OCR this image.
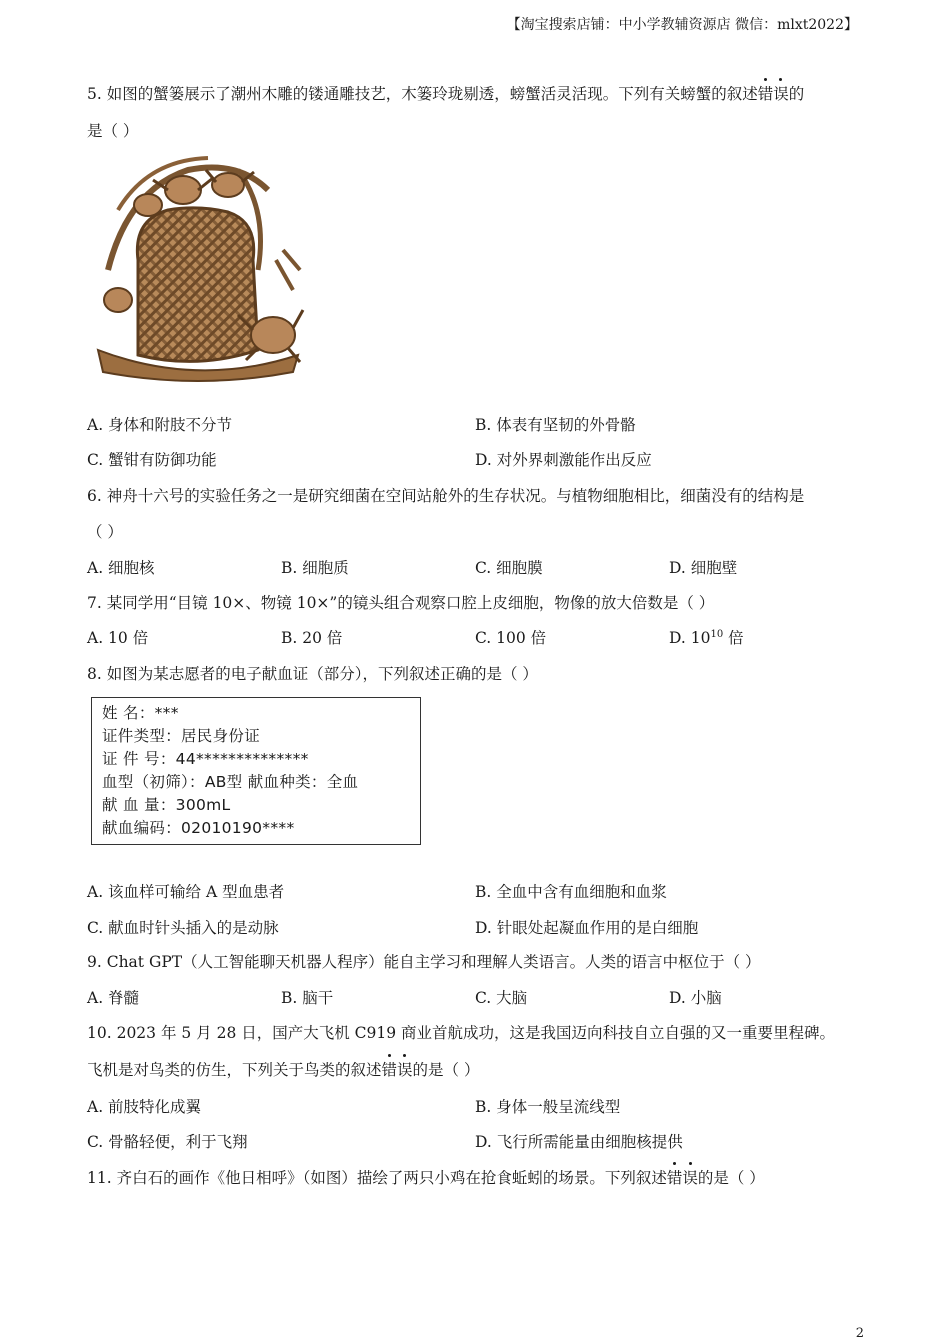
【淘宝搜索店铺：中小学教辅资源店 微信：mlxt2022】
5. 如图的蟹篓展示了潮州木雕的镂通雕技艺，木篓玲珑剔透，螃蟹活灵活现。下列有关螃蟹的叙述错误的
是（ ）
A. 身体和附肢不分节	B. 体表有坚韧的外骨骼
C. 蟹钳有防御功能	D. 对外界刺激能作出反应
6. 神舟十六号的实验任务之一是研究细菌在空间站舱外的生存状况。与植物细胞相比，细菌没有的结构是
（ ）
A. 细胞核	B. 细胞质	C. 细胞膜	D. 细胞壁
7. 某同学用“目镜 10×、物镜 10×”的镜头组合观察口腔上皮细胞，物像的放大倍数是（ ）
A. 10 倍	B. 20 倍	C. 100 倍	D. $10^{10}$ 倍
8. 如图为某志愿者的电子献血证（部分），下列叙述正确的是（ ）
姓 名：***
证件类型：居民身份证
证 件 号：44**************
血型（初筛）：AB型 献血种类：全血
献 血 量：300mL
献血编码：02010190****
A. 该血样可输给 A 型血患者	B. 全血中含有血细胞和血浆
C. 献血时针头插入的是动脉	D. 针眼处起凝血作用的是白细胞
9. Chat GPT（人工智能聊天机器人程序）能自主学习和理解人类语言。人类的语言中枢位于（ ）
A. 脊髓	B. 脑干	C. 大脑	D. 小脑
10. 2023 年 5 月 28 日，国产大飞机 C919 商业首航成功，这是我国迈向科技自立自强的又一重要里程碑。
飞机是对鸟类的仿生，下列关于鸟类的叙述错误的是（ ）
A. 前肢特化成翼	B. 身体一般呈流线型
C. 骨骼轻便，利于飞翔	D. 飞行所需能量由细胞核提供
11. 齐白石的画作《他日相呼》（如图）描绘了两只小鸡在抢食蚯蚓的场景。下列叙述错误的是（ ）
2
